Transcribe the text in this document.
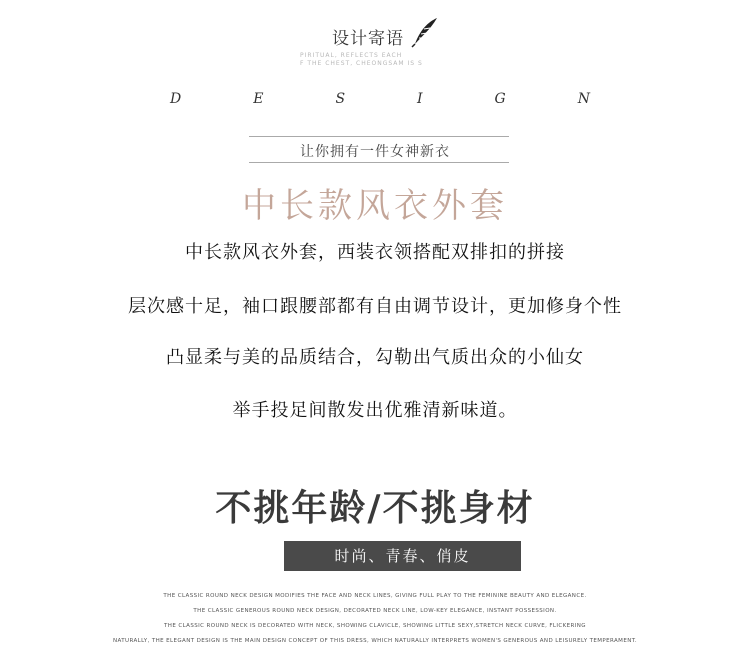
设计寄语
PIRITUAL, REFLECTS EACH
F THE CHEST, CHEONGSAM IS S
D	E	S	I	G	N
让你拥有一件女神新衣
中长款风衣外套
中长款风衣外套，西装衣领搭配双排扣的拼接
层次感十足，袖口跟腰部都有自由调节设计，更加修身个性
凸显柔与美的品质结合，勾勒出气质出众的小仙女
举手投足间散发出优雅清新味道。
不挑年龄/不挑身材
时尚、青春、俏皮
THE CLASSIC ROUND NECK DESIGN MODIFIES THE FACE AND NECK LINES, GIVING FULL PLAY TO THE FEMININE BEAUTY AND ELEGANCE.
THE CLASSIC GENEROUS ROUND NECK DESIGN, DECORATED NECK LINE, LOW-KEY ELEGANCE, INSTANT POSSESSION.
THE CLASSIC ROUND NECK IS DECORATED WITH NECK, SHOWING CLAVICLE, SHOWING LITTLE SEXY,STRETCH NECK CURVE, FLICKERING
NATURALLY, THE ELEGANT DESIGN IS THE MAIN DESIGN CONCEPT OF THIS DRESS, WHICH NATURALLY INTERPRETS WOMEN'S GENEROUS AND LEISURELY TEMPERAMENT.
